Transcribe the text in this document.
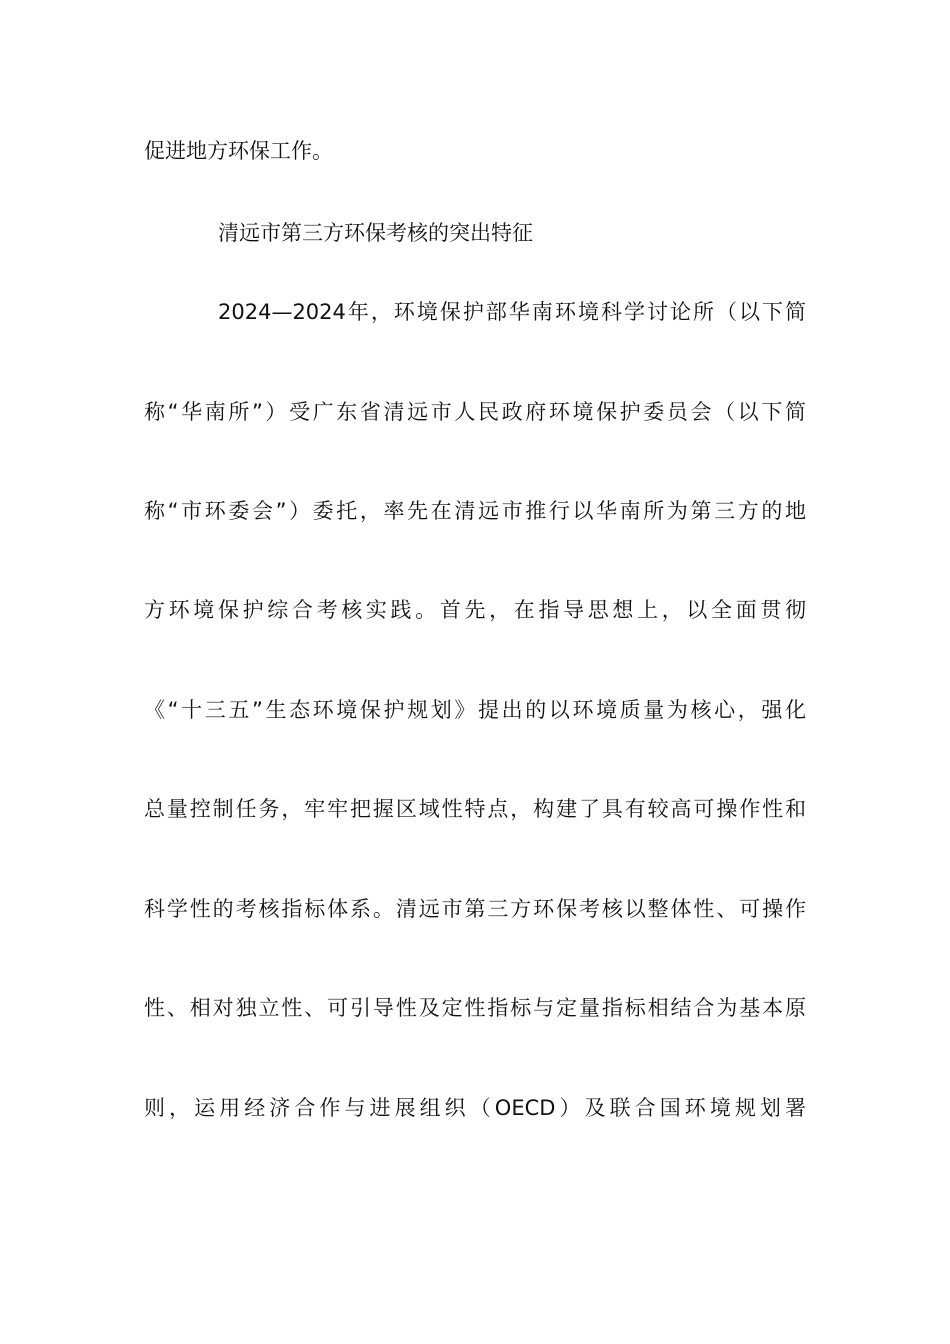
促进地方环保工作。
清远市第三方环保考核的突出特征
2024—2024年，环境保护部华南环境科学讨论所（以下简
称“华南所”）受广东省清远市人民政府环境保护委员会（以下简
称“市环委会”）委托，率先在清远市推行以华南所为第三方的地
方环境保护综合考核实践。首先，在指导思想上，以全面贯彻
《“十三五”生态环境保护规划》提出的以环境质量为核心，强化
总量控制任务，牢牢把握区域性特点，构建了具有较高可操作性和
科学性的考核指标体系。清远市第三方环保考核以整体性、可操作
性、相对独立性、可引导性及定性指标与定量指标相结合为基本原
则，运用经济合作与进展组织（OECD）及联合国环境规划署
